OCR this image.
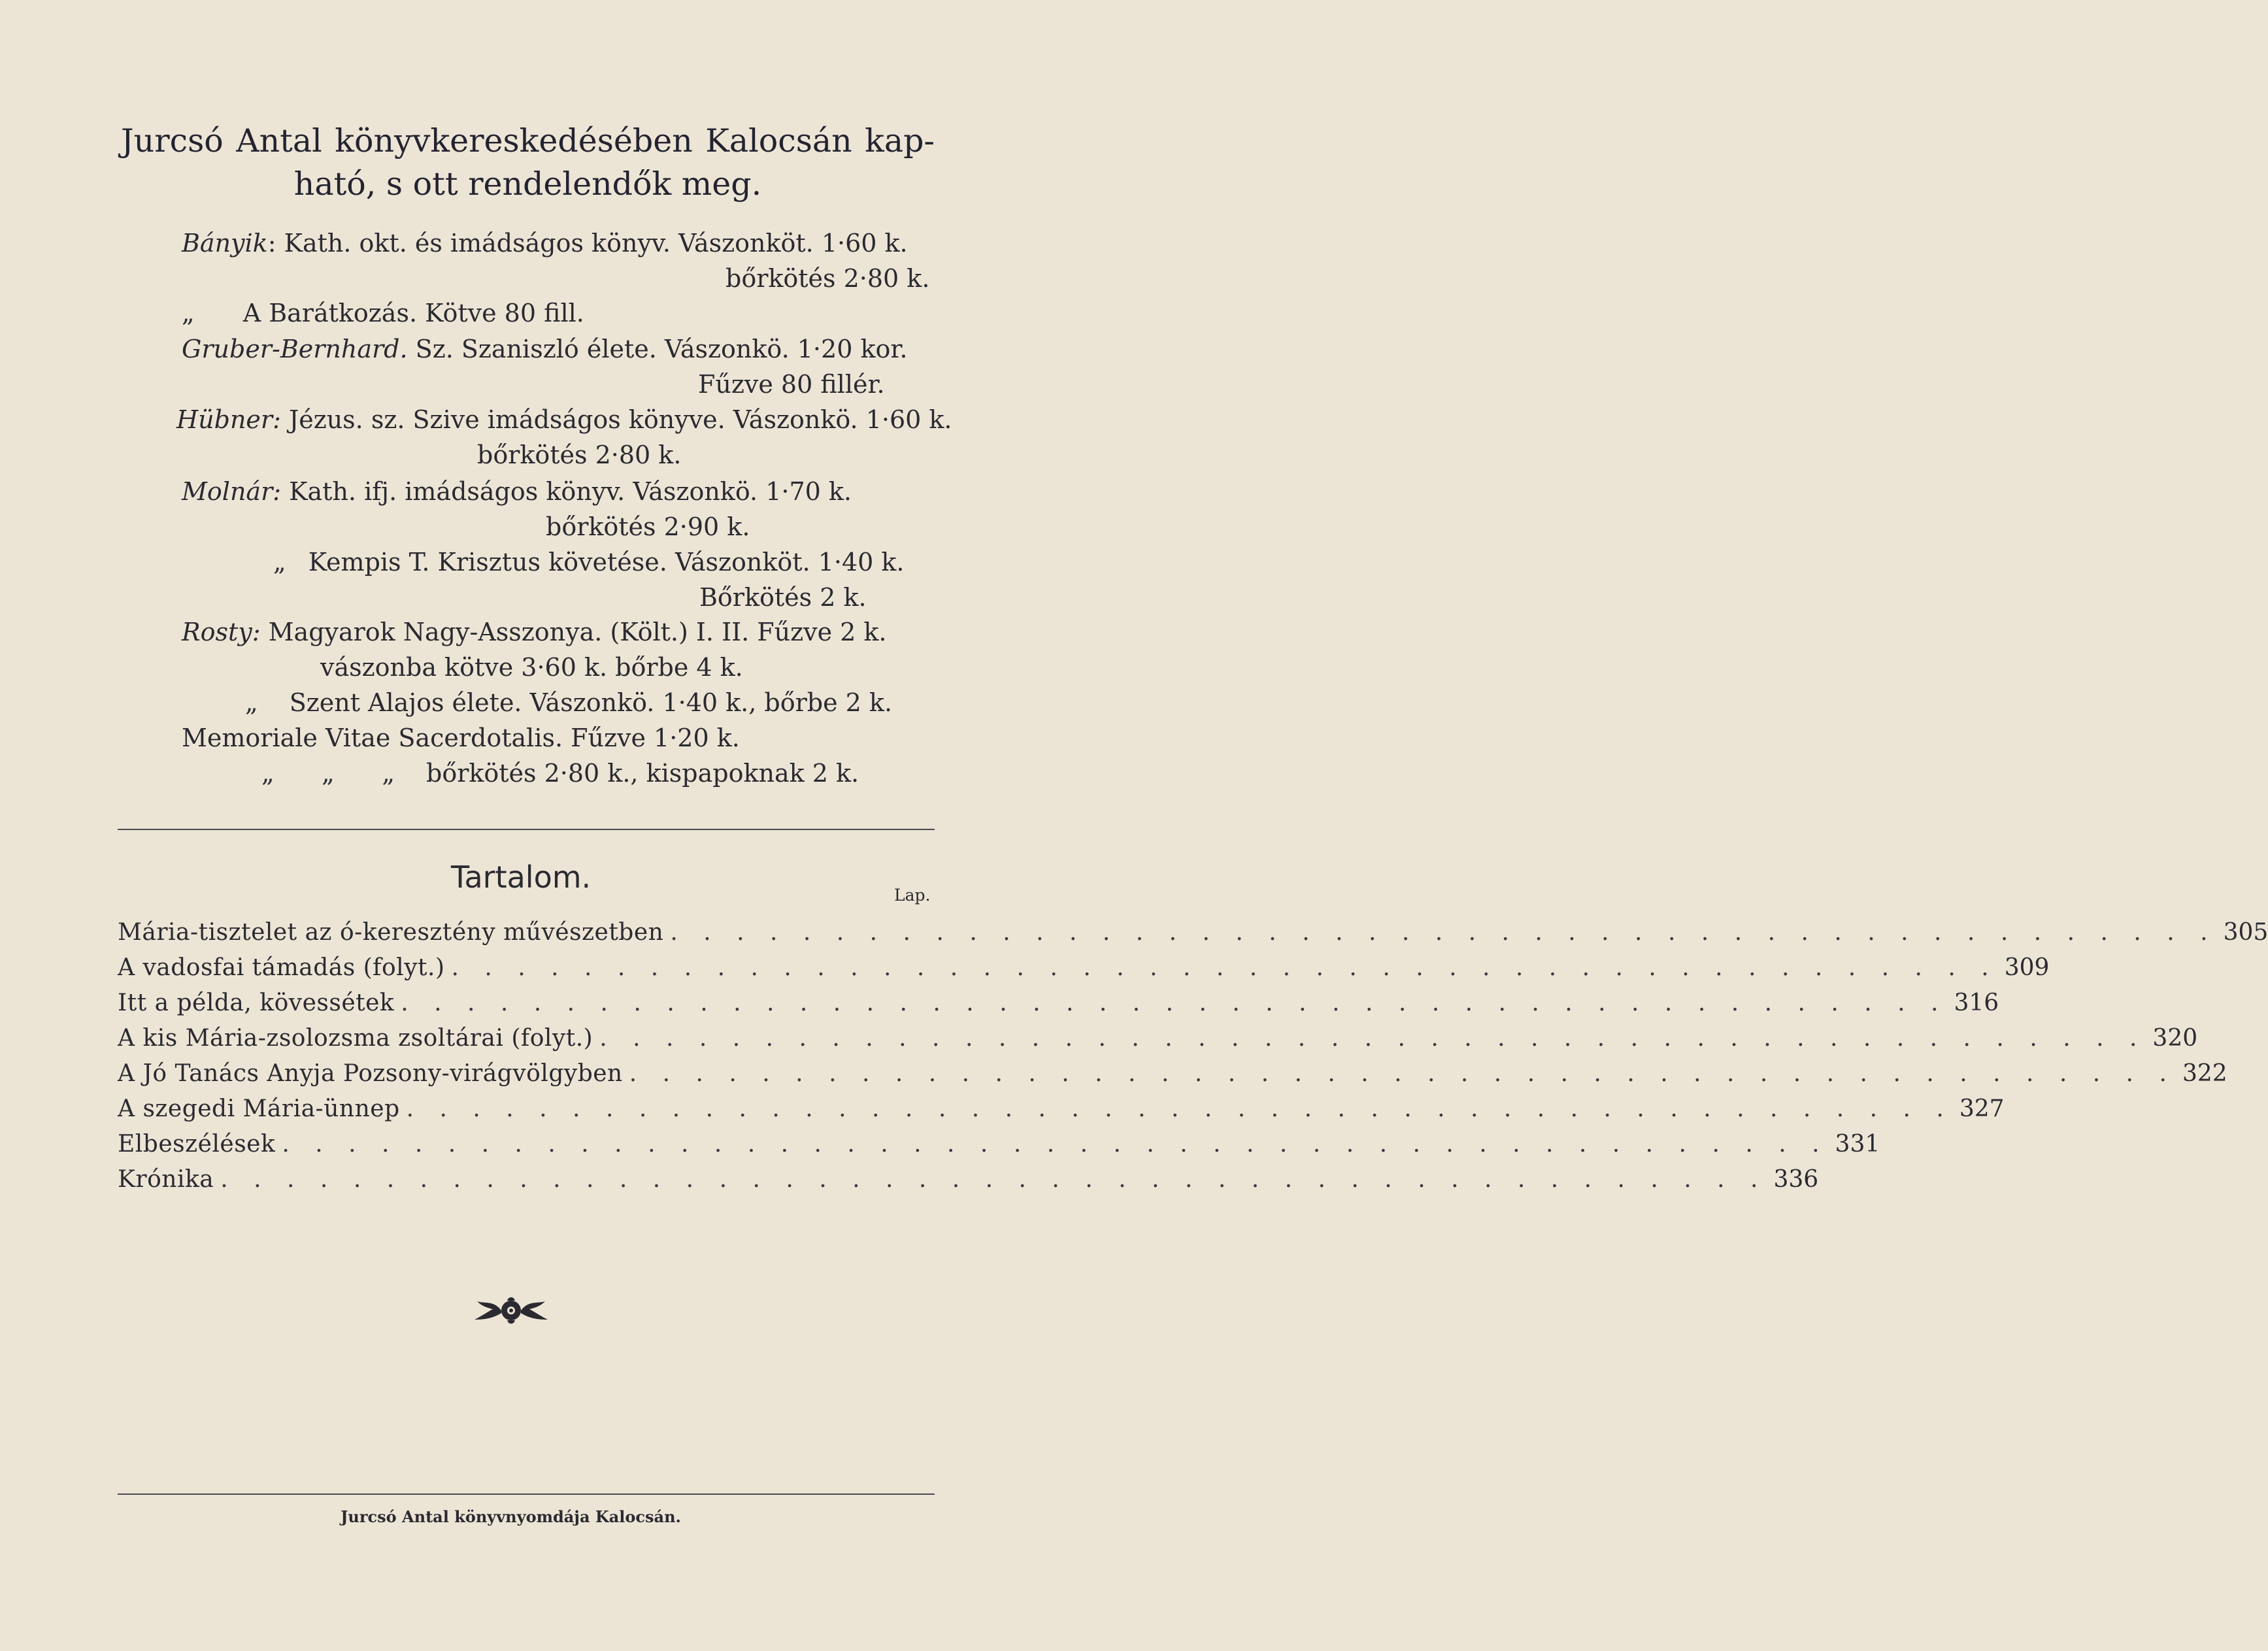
Jurcsó Antal könyvkereskedésében Kalocsán kap-
ható, s ott rendelendők meg.
Bányik: Kath. okt. és imádságos könyv. Vászonköt. 1·60 k.
bőrkötés 2·80 k.
„ A Barátkozás. Kötve 80 fill.
Gruber-Bernhard. Sz. Szaniszló élete. Vászonkö. 1·20 kor.
Fűzve 80 fillér.
Hübner: Jézus. sz. Szive imádságos könyve. Vászonkö. 1·60 k.
bőrkötés 2·80 k.
Molnár: Kath. ifj. imádságos könyv. Vászonkö. 1·70 k.
bőrkötés 2·90 k.
„ Kempis T. Krisztus követése. Vászonköt. 1·40 k.
Bőrkötés 2 k.
Rosty: Magyarok Nagy-Asszonya. (Költ.) I. II. Fűzve 2 k.
vászonba kötve 3·60 k. bőrbe 4 k.
„ Szent Alajos élete. Vászonkö. 1·40 k., bőrbe 2 k.
Memoriale Vitae Sacerdotalis. Fűzve 1·20 k.
„      „      „ bőrkötés 2·80 k., kispapoknak 2 k.
Tartalom.
Lap.
Mária-tisztelet az ó-keresztény művészetben . . . . . . . . . . . . . . . . . . . . . . . . . . . . . . . . . . . . . . . . . . . . . . . 305
A vadosfai támadás (folyt.) . . . . . . . . . . . . . . . . . . . . . . . . . . . . . . . . . . . . . . . . . . . . . . . 309
Itt a példa, kövessétek . . . . . . . . . . . . . . . . . . . . . . . . . . . . . . . . . . . . . . . . . . . . . . . 316
A kis Mária-zsolozsma zsoltárai (folyt.) . . . . . . . . . . . . . . . . . . . . . . . . . . . . . . . . . . . . . . . . . . . . . . . 320
A Jó Tanács Anyja Pozsony-virágvölgyben . . . . . . . . . . . . . . . . . . . . . . . . . . . . . . . . . . . . . . . . . . . . . . . 322
A szegedi Mária-ünnep . . . . . . . . . . . . . . . . . . . . . . . . . . . . . . . . . . . . . . . . . . . . . . . 327
Elbeszélések . . . . . . . . . . . . . . . . . . . . . . . . . . . . . . . . . . . . . . . . . . . . . . . 331
Krónika . . . . . . . . . . . . . . . . . . . . . . . . . . . . . . . . . . . . . . . . . . . . . . . 336
Jurcsó Antal könyvnyomdája Kalocsán.
